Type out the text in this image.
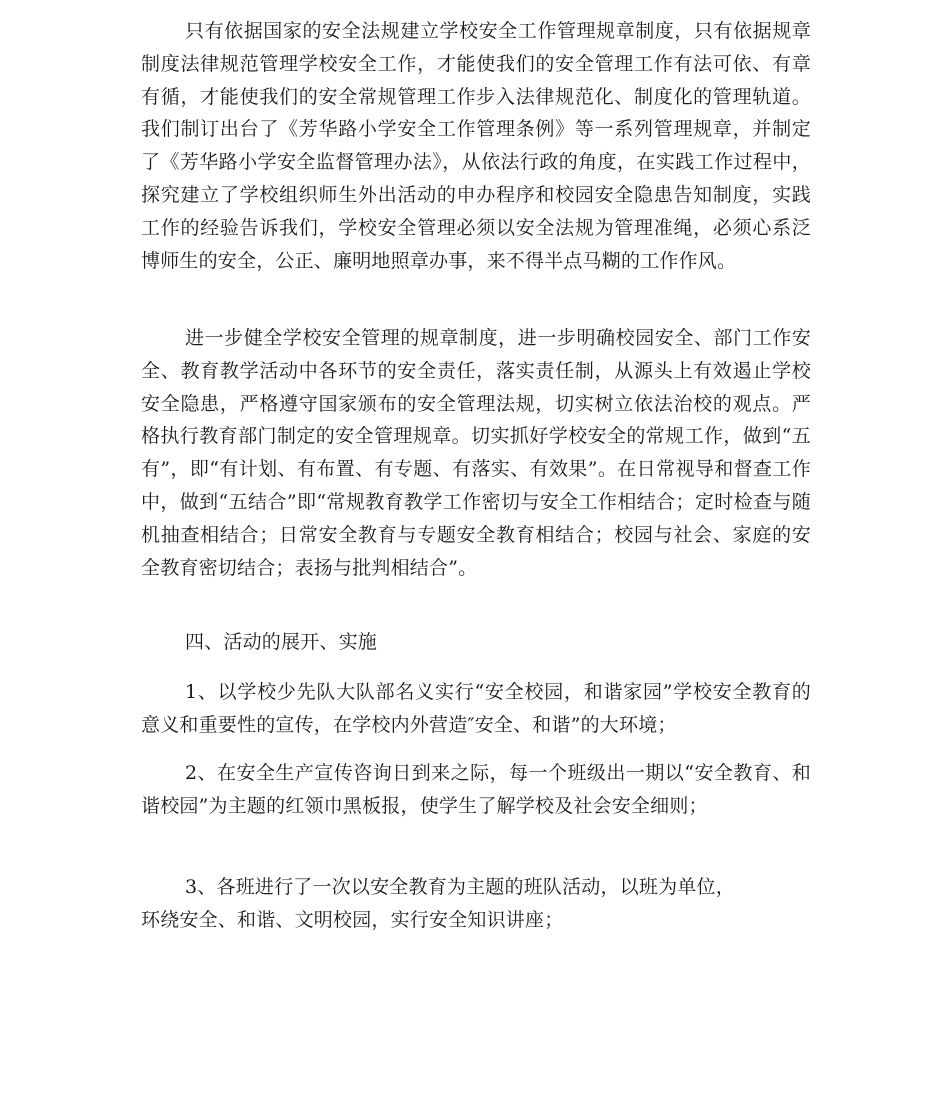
只有依据国家的安全法规建立学校安全工作管理规章制度，只有依据规章制度法律规范管理学校安全工作，才能使我们的安全管理工作有法可依、有章有循，才能使我们的安全常规管理工作步入法律规范化、制度化的管理轨道。我们制订出台了《芳华路小学安全工作管理条例》等一系列管理规章，并制定了《芳华路小学安全监督管理办法》，从依法行政的角度，在实践工作过程中，探究建立了学校组织师生外出活动的申办程序和校园安全隐患告知制度，实践工作的经验告诉我们，学校安全管理必须以安全法规为管理准绳，必须心系泛博师生的安全，公正、廉明地照章办事，来不得半点马糊的工作作风。

进一步健全学校安全管理的规章制度，进一步明确校园安全、部门工作安全、教育教学活动中各环节的安全责任，落实责任制，从源头上有效遏止学校安全隐患，严格遵守国家颁布的安全管理法规，切实树立依法治校的观点。严格执行教育部门制定的安全管理规章。切实抓好学校安全的常规工作，做到“五有”，即“有计划、有布置、有专题、有落实、有效果”。在日常视导和督查工作中，做到“五结合”即“常规教育教学工作密切与安全工作相结合；定时检查与随机抽查相结合；日常安全教育与专题安全教育相结合；校园与社会、家庭的安全教育密切结合；表扬与批判相结合”。

四、活动的展开、实施

1、以学校少先队大队部名义实行“安全校园，和谐家园”学校安全教育的意义和重要性的宣传，在学校内外营造″安全、和谐”的大环境；

2、在安全生产宣传咨询日到来之际，每一个班级出一期以“安全教育、和谐校园”为主题的红领巾黑板报，使学生了解学校及社会安全细则；

3、各班进行了一次以安全教育为主题的班队活动，以班为单位，
环绕安全、和谐、文明校园，实行安全知识讲座；
